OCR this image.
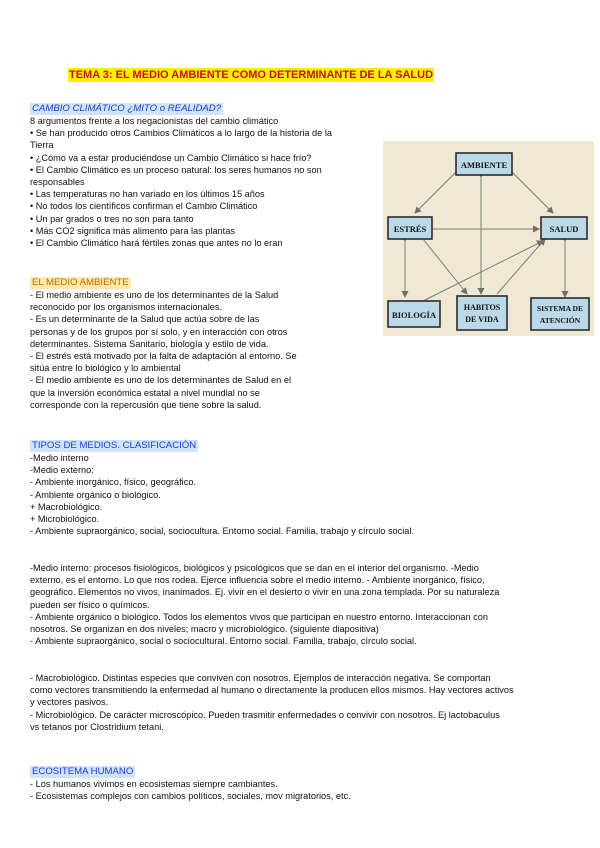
TEMA 3: EL MEDIO AMBIENTE COMO DETERMINANTE DE LA SALUD
CAMBIO CLIMÁTICO ¿MITO o REALIDAD?
8 argumentos frente a los negacionistas del cambio climático
• Se han producido otros Cambios Climáticos a lo largo de la historia de la
Tierra
• ¿Cómo va a estar produciéndose un Cambio Climático si hace frío?
• El Cambio Climático es un proceso natural: los seres humanos no son
responsables
• Las temperaturas no han variado en los últimos 15 años
• No todos los científicos confirman el Cambio Climático
• Un par grados o tres no son para tanto
• Más CO2 significa más alimento para las plantas
• El Cambio Climático hará fértiles zonas que antes no lo eran
EL MEDIO AMBIENTE
- El medio ambiente es uno de los determinantes de la Salud
reconocido por los organismos internacionales.
- Es un determinante de la Salud que actúa sobre de las
personas y de los grupos por sí solo, y en interacción con otros
determinantes. Sistema Sanitario, biología y estilo de vida.
- El estrés está motivado por la falta de adaptación al entorno. Se
sitúa entre lo biológico y lo ambiental
- El medio ambiente es uno de los determinantes de Salud en el
que la inversión económica estatal a nivel mundial no se
corresponde con la repercusión que tiene sobre la salud.
AMBIENTE
ESTRÉS	SALUD
BIOLOGÍA
HABITOS
DE VIDA
SISTEMA DE
ATENCIÓN
TIPOS DE MEDIOS. CLASIFICACIÓN
-Medio interno
-Medio externo:
- Ambiente inorgánico, físico, geográfico.
- Ambiente orgánico o biológico.
+ Macrobiológico.
+ Microbiológico.
- Ambiente supraorgánico, social, sociocultura. Entorno social. Familia, trabajo y círculo social.
-Medio interno: procesos fisiológicos, biológicos y psicológicos que se dan en el interior del organismo. -Medio
externo, es el entorno. Lo que nos rodea. Ejerce influencia sobre el medio interno. - Ambiente inorgánico, físico,
geográfico. Elementos no vivos, inanimados. Ej. vivir en el desierto o vivir en una zona templada. Por su naturaleza
pueden ser físico o químicos.
- Ambiente orgánico o biológico. Todos los elementos vivos que participan en nuestro entorno. Interaccionan con
nosotros. Se organizan en dos niveles; macro y microbiológico. (siguiente diapositiva)
- Ambiente supraorgánico, social o sociocultural. Entorno social. Familia, trabajo, círculo social.
- Macrobiológico. Distintas especies que conviven con nosotros. Ejemplos de interacción negativa. Se comportan
como vectores transmitiendo la enfermedad al humano o directamente la producen ellos mismos. Hay vectores activos
y vectores pasivos.
- Microbiológico. De carácter microscópico. Pueden trasmitir enfermedades o convivir con nosotros. Ej lactobaculus
vs tetanos por Clostridium tetani.
ECOSITEMA HUMANO
- Los humanos vivimos en ecosistemas siempre cambiantes.
- Ecosistemas complejos con cambios políticos, sociales, mov migratorios, etc.
